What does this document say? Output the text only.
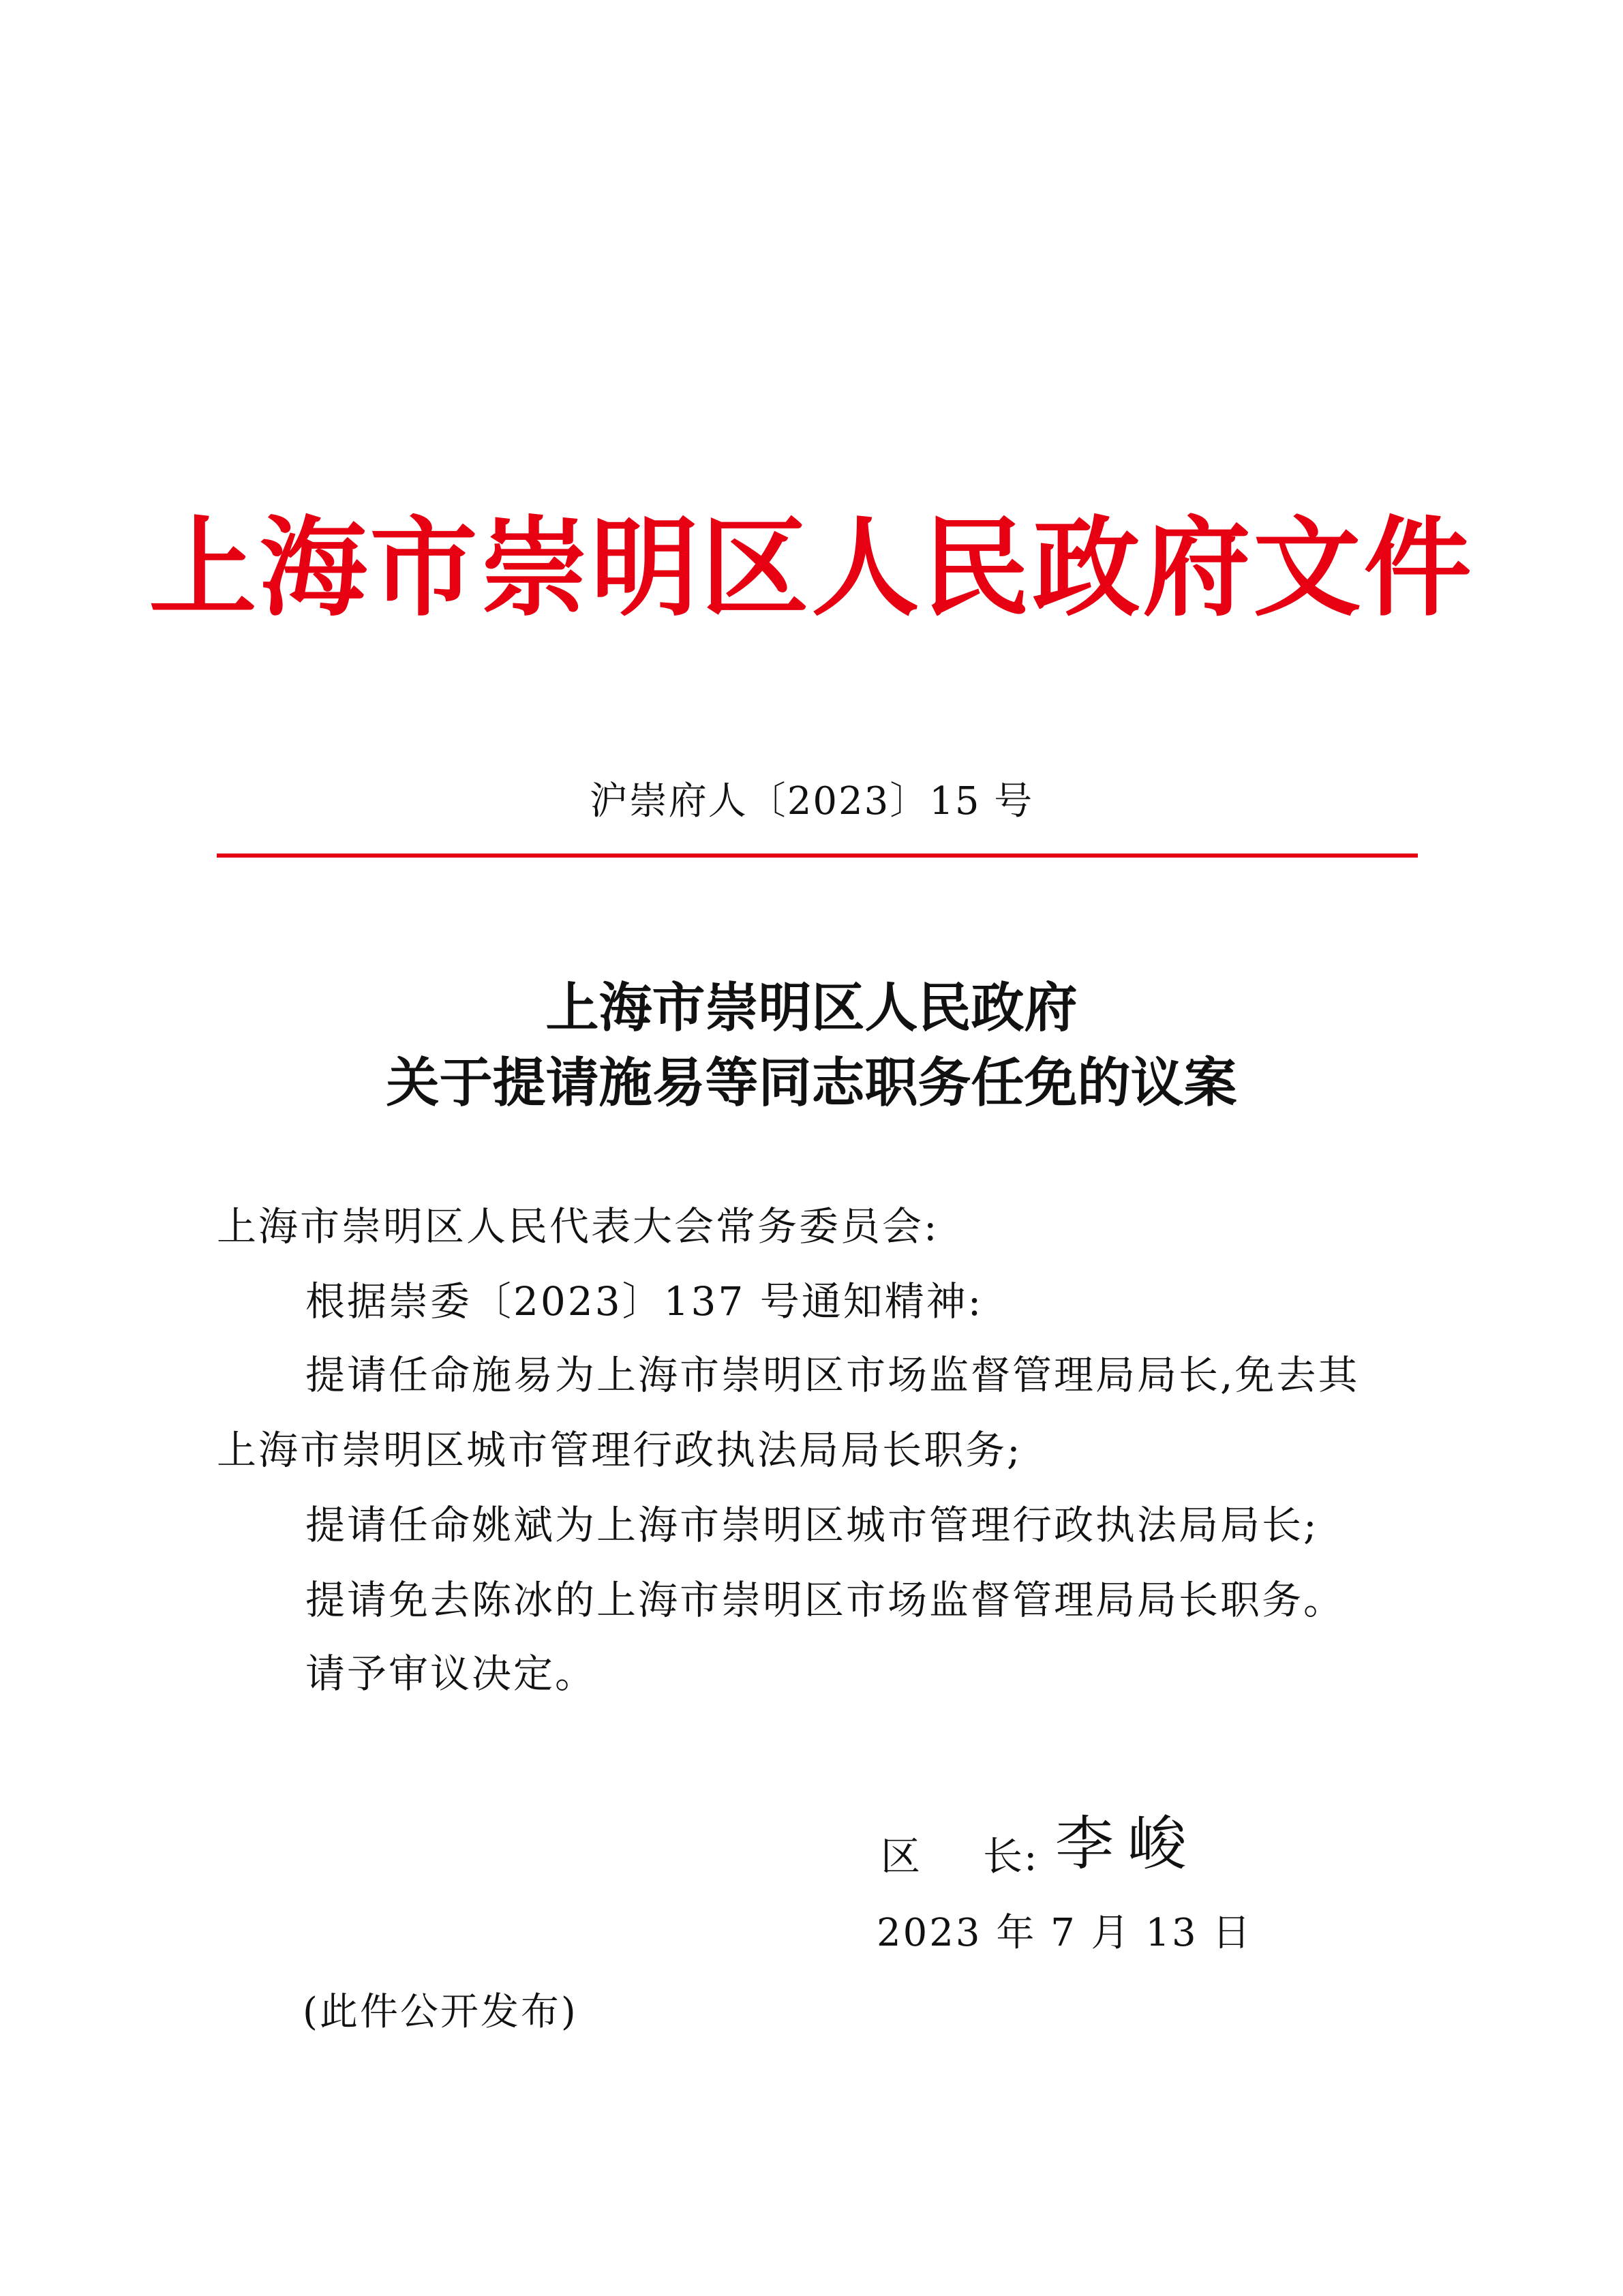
上海市崇明区人民政府文件
沪崇府人〔2023〕15 号
上海市崇明区人民政府
关于提请施易等同志职务任免的议案
上海市崇明区人民代表大会常务委员会:
根据崇委〔2023〕137 号通知精神:
提请任命施易为上海市崇明区市场监督管理局局长,免去其
上海市崇明区城市管理行政执法局局长职务;
提请任命姚斌为上海市崇明区城市管理行政执法局局长;
提请免去陈冰的上海市崇明区市场监督管理局局长职务。
请予审议决定。
区 长: 李峻
2023 年 7 月 13 日
(此件公开发布)
